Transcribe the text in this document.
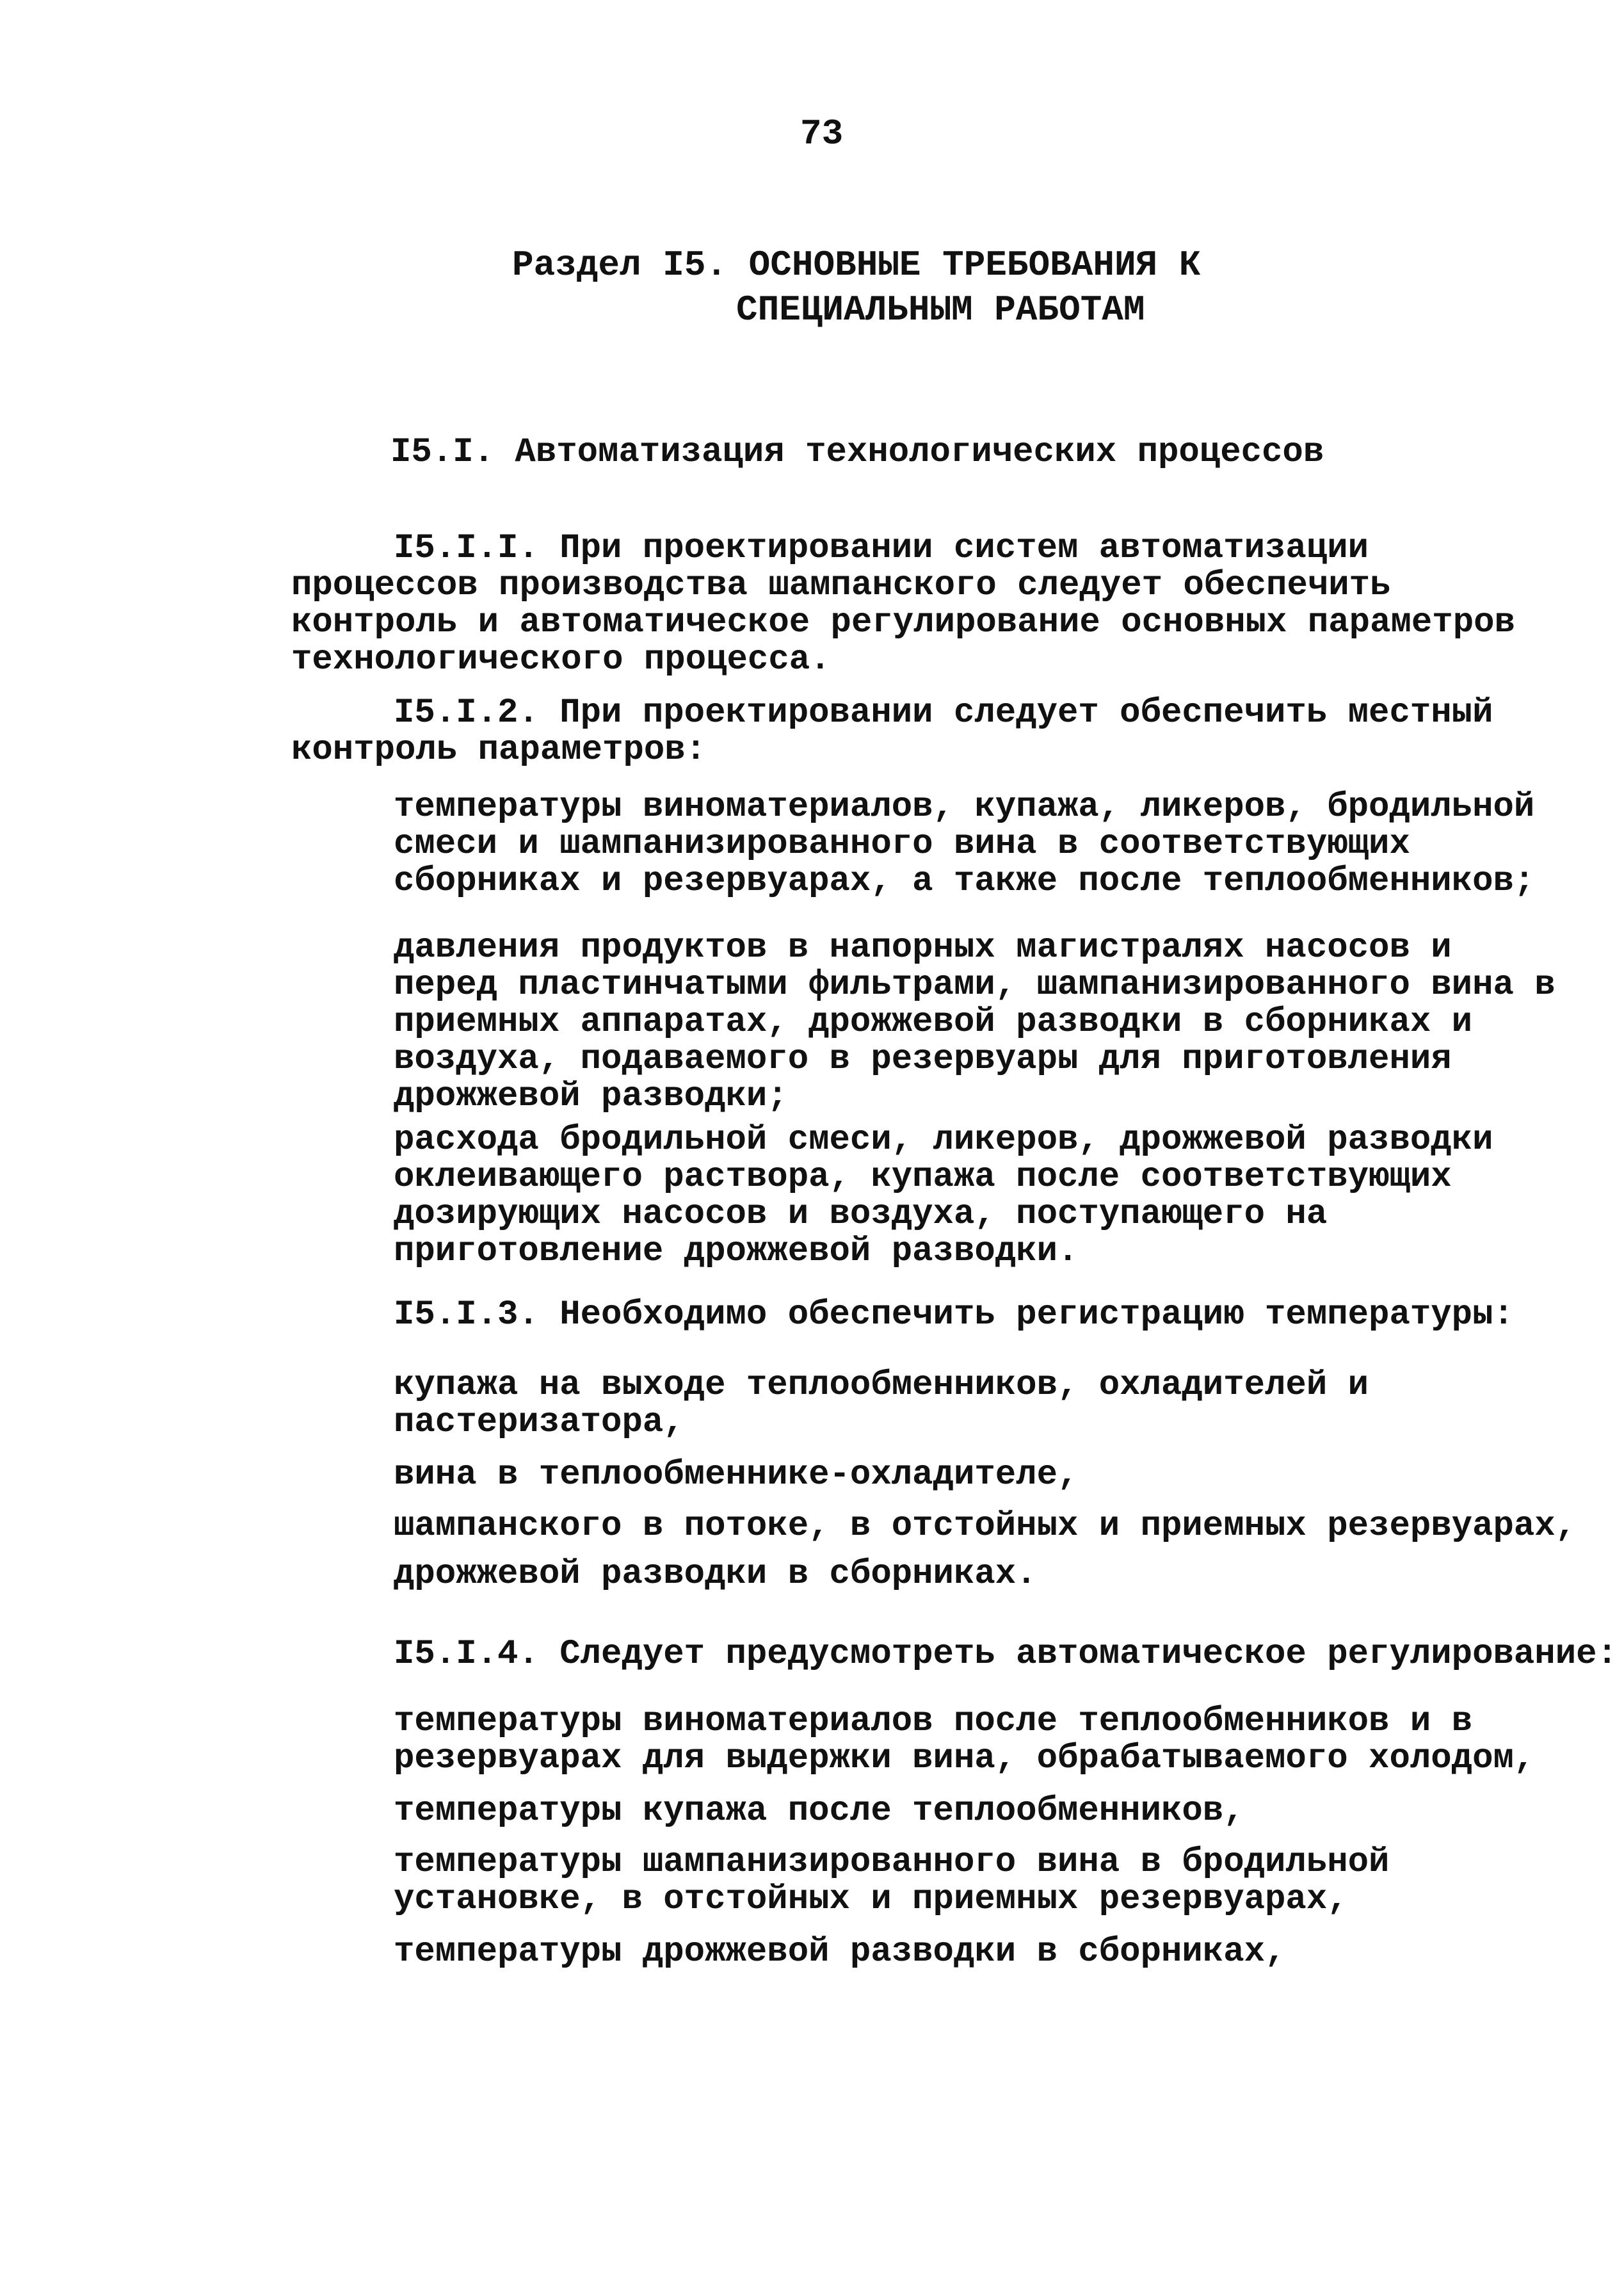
73

Раздел I5. ОСНОВНЫЕ ТРЕБОВАНИЯ К

СПЕЦИАЛЬНЫМ РАБОТАМ

I5.I. Автоматизация технологических процессов

I5.I.I. При проектировании систем автоматизации процессов производства шампанского следует обеспечить контроль и автоматическое регулирование основных параметров технологического процесса.

I5.I.2. При проектировании следует обеспечить местный контроль параметров:

температуры виноматериалов, купажа, ликеров, бродильной смеси и шампанизированного вина в соответствующих сборниках и резервуарах, а также после теплообменников;

давления продуктов в напорных магистралях насосов и перед пластинчатыми фильтрами, шампанизированного вина в приемных аппаратах, дрожжевой разводки в сборниках и воздуха, подаваемого в резервуары для приготовления дрожжевой разводки;

расхода бродильной смеси, ликеров, дрожжевой разводки оклеивающего раствора, купажа после соответствующих дозирующих насосов и воздуха, поступающего на приготовление дрожжевой разводки.

I5.I.3. Необходимо обеспечить регистрацию температуры:

купажа на выходе теплообменников, охладителей и пастеризатора,

вина в теплообменнике-охладителе,

шампанского в потоке, в отстойных и приемных резервуарах,

дрожжевой разводки в сборниках.

I5.I.4. Следует предусмотреть автоматическое регулирование:

температуры виноматериалов после теплообменников и в резервуарах для выдержки вина, обрабатываемого холодом,

температуры купажа после теплообменников,

температуры шампанизированного вина в бродильной установке, в отстойных и приемных резервуарах,

температуры дрожжевой разводки в сборниках,
